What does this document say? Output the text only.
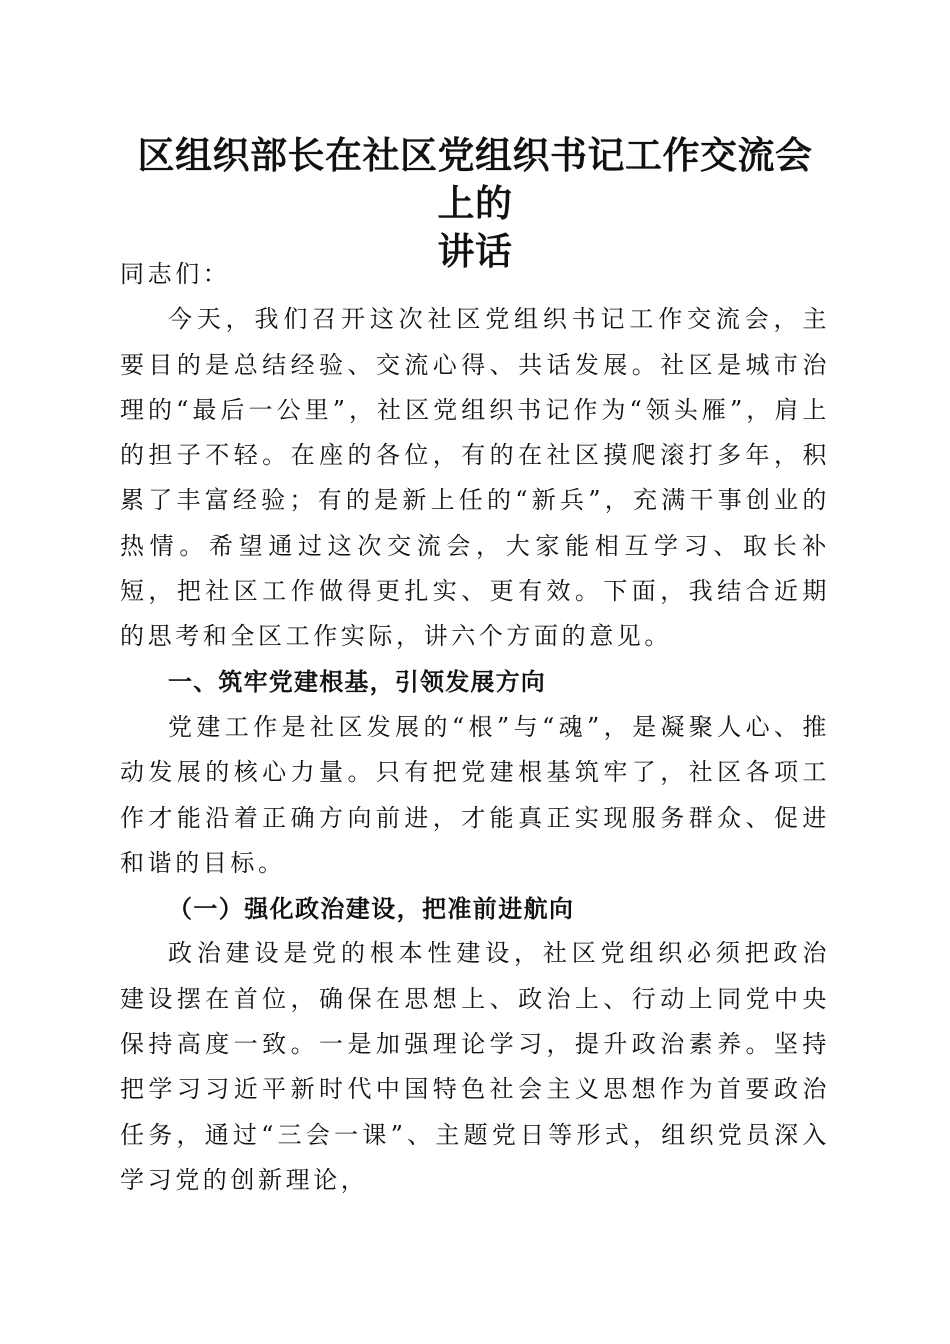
区组织部长在社区党组织书记工作交流会上的
讲话

同志们：

今天，我们召开这次社区党组织书记工作交流会，主要目的是总结经验、交流心得、共话发展。社区是城市治理的“最后一公里”，社区党组织书记作为“领头雁”，肩上的担子不轻。在座的各位，有的在社区摸爬滚打多年，积累了丰富经验；有的是新上任的“新兵”，充满干事创业的热情。希望通过这次交流会，大家能相互学习、取长补短，把社区工作做得更扎实、更有效。下面，我结合近期的思考和全区工作实际，讲六个方面的意见。

一、筑牢党建根基，引领发展方向

党建工作是社区发展的“根”与“魂”，是凝聚人心、推动发展的核心力量。只有把党建根基筑牢了，社区各项工作才能沿着正确方向前进，才能真正实现服务群众、促进和谐的目标。

（一）强化政治建设，把准前进航向

政治建设是党的根本性建设，社区党组织必须把政治建设摆在首位，确保在思想上、政治上、行动上同党中央保持高度一致。一是加强理论学习，提升政治素养。坚持把学习习近平新时代中国特色社会主义思想作为首要政治任务，通过“三会一课”、主题党日等形式，组织党员深入学习党的创新理论，
